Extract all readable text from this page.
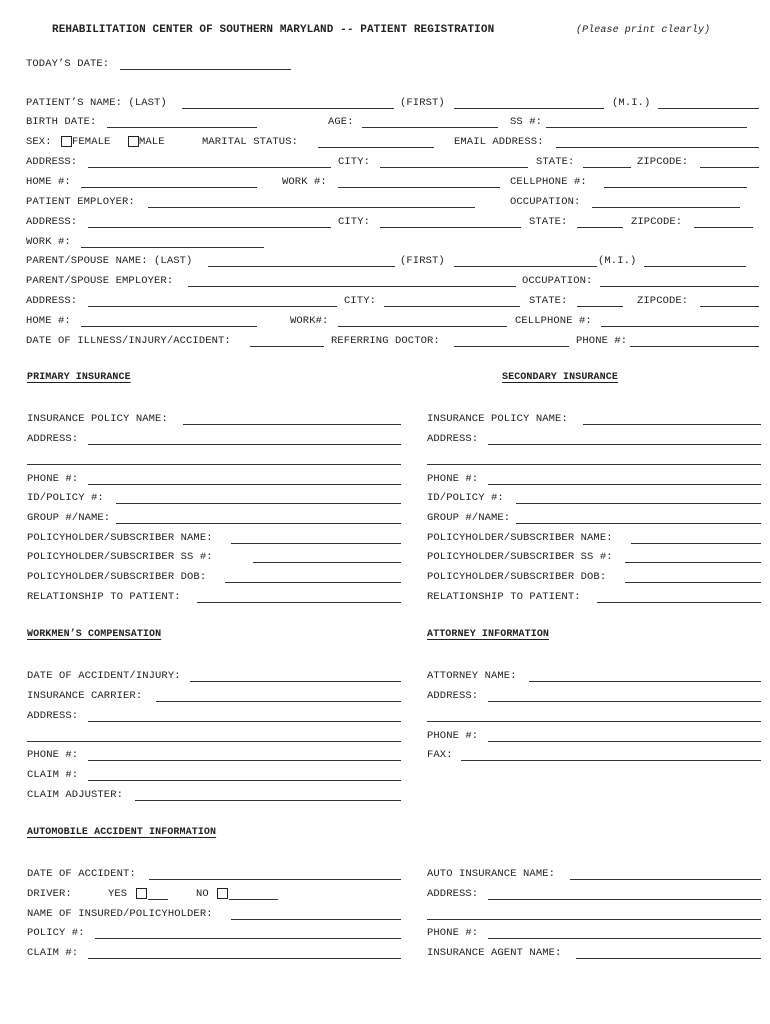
REHABILITATION CENTER OF SOUTHERN MARYLAND -- PATIENT REGISTRATION	(Please print clearly)
TODAY’S DATE:
PATIENT’S NAME: (LAST)	(FIRST)	(M.I.)
BIRTH DATE:	AGE:	SS #:
SEX: FEMALE	MALE	MARITAL STATUS:	EMAIL ADDRESS:
ADDRESS:	CITY:	STATE:	ZIPCODE:
HOME #:	WORK #:	CELLPHONE #:
PATIENT EMPLOYER:	OCCUPATION:
ADDRESS:	CITY:	STATE:	ZIPCODE:
WORK #:
PARENT/SPOUSE NAME: (LAST)	(FIRST)	(M.I.)
PARENT/SPOUSE EMPLOYER:	OCCUPATION:
ADDRESS:	CITY:	STATE:	ZIPCODE:
HOME #:	WORK#:	CELLPHONE #:
DATE OF ILLNESS/INJURY/ACCIDENT:	REFERRING DOCTOR:	PHONE #:
PRIMARY INSURANCE	SECONDARY INSURANCE
INSURANCE POLICY NAME:
ADDRESS:
PHONE #:
ID/POLICY #:
GROUP #/NAME:
POLICYHOLDER/SUBSCRIBER NAME:
POLICYHOLDER/SUBSCRIBER SS #:
POLICYHOLDER/SUBSCRIBER DOB:
RELATIONSHIP TO PATIENT:
INSURANCE POLICY NAME:
ADDRESS:
PHONE #:
ID/POLICY #:
GROUP #/NAME:
POLICYHOLDER/SUBSCRIBER NAME:
POLICYHOLDER/SUBSCRIBER SS #:
POLICYHOLDER/SUBSCRIBER DOB:
RELATIONSHIP TO PATIENT:
WORKMEN’S COMPENSATION	ATTORNEY INFORMATION
DATE OF ACCIDENT/INJURY:
INSURANCE CARRIER:
ADDRESS:
PHONE #:
CLAIM #:
CLAIM ADJUSTER:
ATTORNEY NAME:
ADDRESS:
PHONE #:
FAX:
AUTOMOBILE ACCIDENT INFORMATION
DATE OF ACCIDENT:
DRIVER:	YES	NO
NAME OF INSURED/POLICYHOLDER:
POLICY #:
CLAIM #:
AUTO INSURANCE NAME:
ADDRESS:
PHONE #:
INSURANCE AGENT NAME:
